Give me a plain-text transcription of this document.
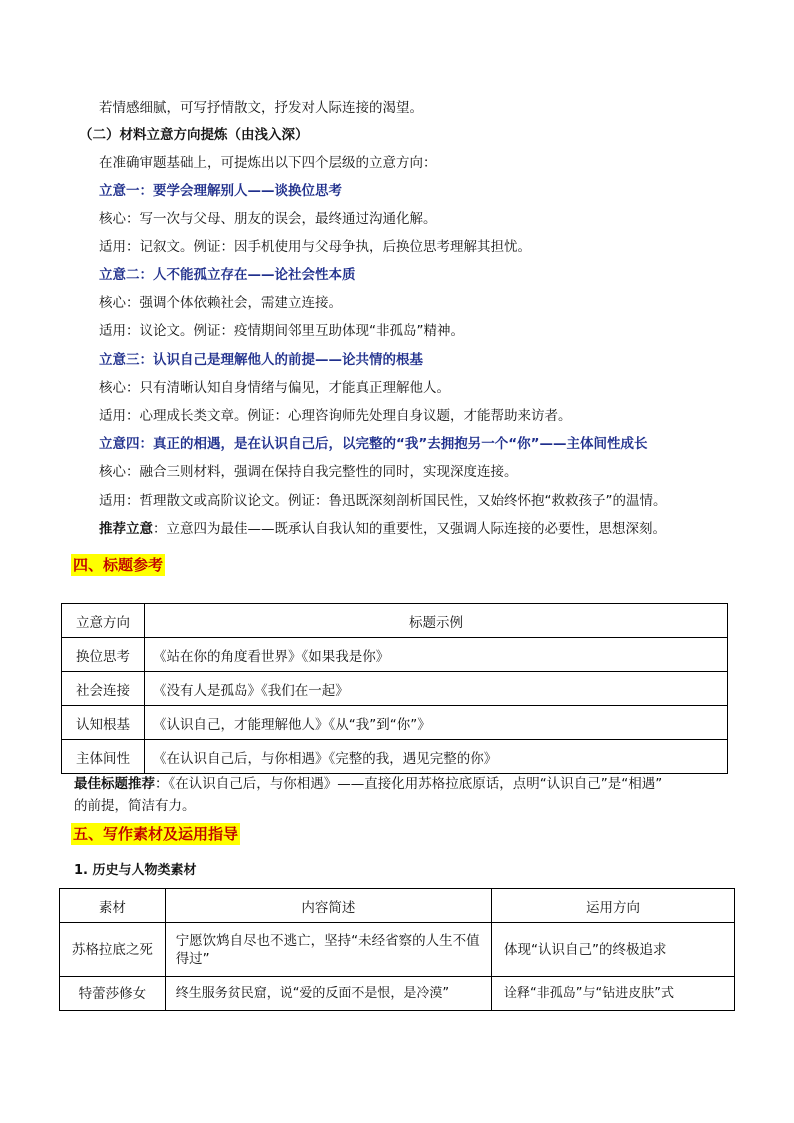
若情感细腻，可写抒情散文，抒发对人际连接的渴望。
（二）材料立意方向提炼（由浅入深）
在准确审题基础上，可提炼出以下四个层级的立意方向：
立意一：要学会理解别人——谈换位思考
核心：写一次与父母、朋友的误会，最终通过沟通化解。
适用：记叙文。例证：因手机使用与父母争执，后换位思考理解其担忧。
立意二：人不能孤立存在——论社会性本质
核心：强调个体依赖社会，需建立连接。
适用：议论文。例证：疫情期间邻里互助体现“非孤岛”精神。
立意三：认识自己是理解他人的前提——论共情的根基
核心：只有清晰认知自身情绪与偏见，才能真正理解他人。
适用：心理成长类文章。例证：心理咨询师先处理自身议题，才能帮助来访者。
立意四：真正的相遇，是在认识自己后，以完整的“我”去拥抱另一个“你”——主体间性成长
核心：融合三则材料，强调在保持自我完整性的同时，实现深度连接。
适用：哲理散文或高阶议论文。例证：鲁迅既深刻剖析国民性，又始终怀抱“救救孩子”的温情。
推荐立意：立意四为最佳——既承认自我认知的重要性，又强调人际连接的必要性，思想深刻。
四、标题参考
立意方向	标题示例
换位思考	《站在你的角度看世界》《如果我是你》
社会连接	《没有人是孤岛》《我们在一起》
认知根基	《认识自己，才能理解他人》《从“我”到“你”》
主体间性	《在认识自己后，与你相遇》《完整的我，遇见完整的你》
最佳标题推荐：《在认识自己后，与你相遇》——直接化用苏格拉底原话，点明“认识自己”是“相遇”
的前提，简洁有力。
五、写作素材及运用指导
1. 历史与人物类素材
素材	内容简述	运用方向
苏格拉底之死	宁愿饮鸩自尽也不逃亡，坚持“未经省察的人生不值得过”	体现“认识自己”的终极追求
特蕾莎修女	终生服务贫民窟，说“爱的反面不是恨，是冷漠”	诠释“非孤岛”与“钻进皮肤”式
